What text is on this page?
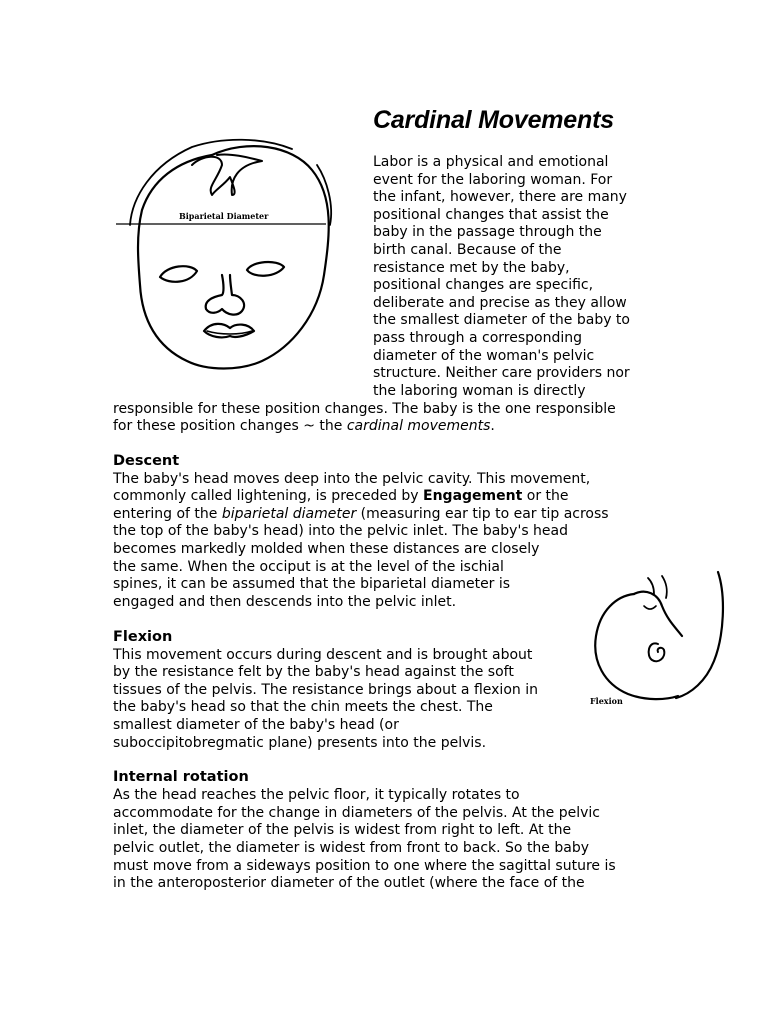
Biparietal Diameter
Flexion
Cardinal Movements
Labor is a physical and emotional
event for the laboring woman. For
the infant, however, there are many
positional changes that assist the
baby in the passage through the
birth canal. Because of the
resistance met by the baby,
positional changes are specific,
deliberate and precise as they allow
the smallest diameter of the baby to
pass through a corresponding
diameter of the woman's pelvic
structure. Neither care providers nor
the laboring woman is directly
responsible for these position changes. The baby is the one responsible
for these position changes ~ the cardinal movements.
Descent
The baby's head moves deep into the pelvic cavity. This movement,
commonly called lightening, is preceded by Engagement or the
entering of the biparietal diameter (measuring ear tip to ear tip across
the top of the baby's head) into the pelvic inlet. The baby's head
becomes markedly molded when these distances are closely
the same. When the occiput is at the level of the ischial
spines, it can be assumed that the biparietal diameter is
engaged and then descends into the pelvic inlet.
Flexion
This movement occurs during descent and is brought about
by the resistance felt by the baby's head against the soft
tissues of the pelvis. The resistance brings about a flexion in
the baby's head so that the chin meets the chest. The
smallest diameter of the baby's head (or
suboccipitobregmatic plane) presents into the pelvis.
Internal rotation
As the head reaches the pelvic floor, it typically rotates to
accommodate for the change in diameters of the pelvis. At the pelvic
inlet, the diameter of the pelvis is widest from right to left. At the
pelvic outlet, the diameter is widest from front to back. So the baby
must move from a sideways position to one where the sagittal suture is
in the anteroposterior diameter of the outlet (where the face of the
